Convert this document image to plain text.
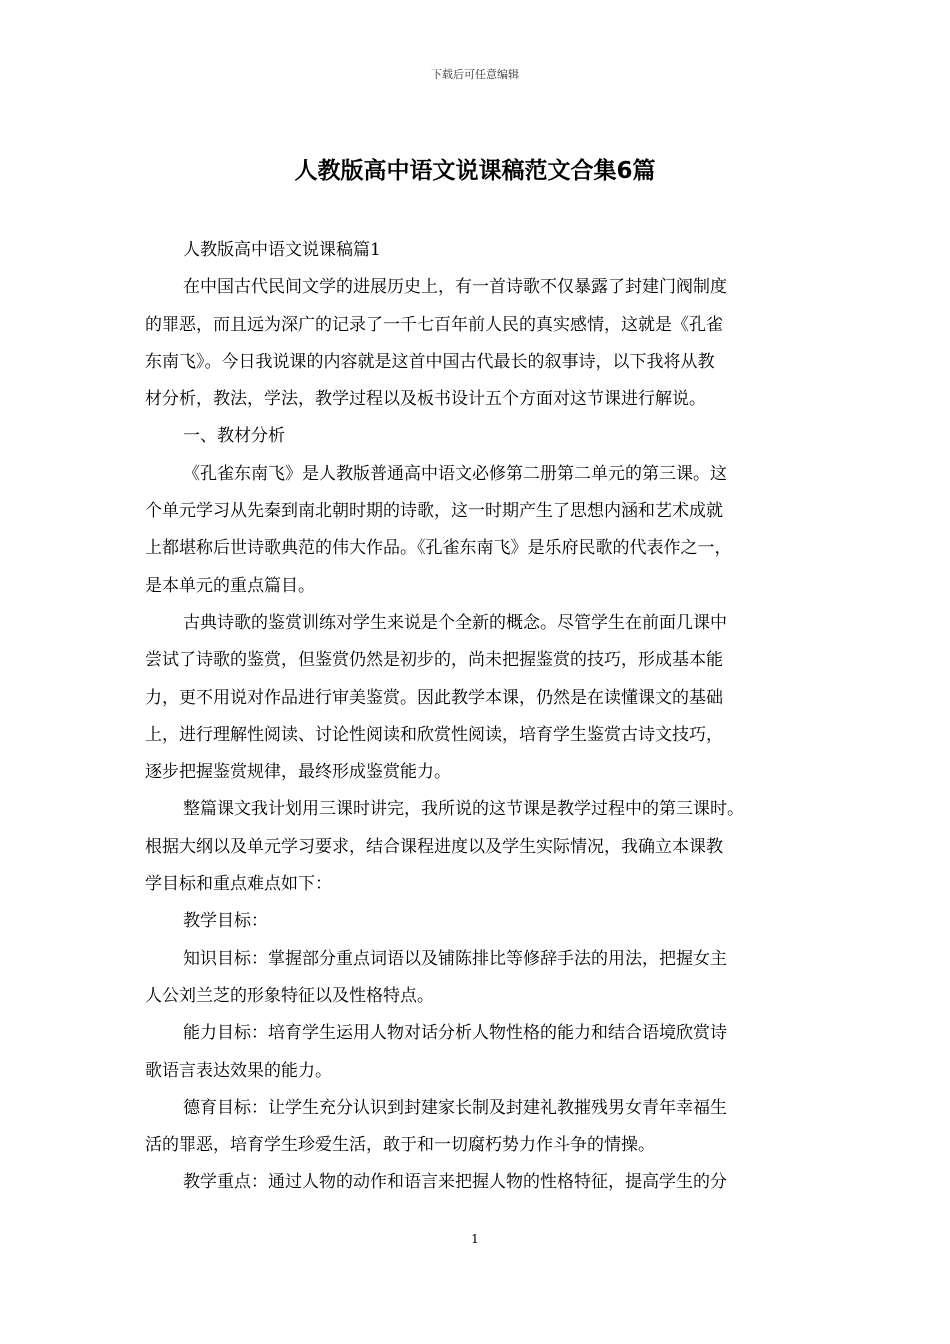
下载后可任意编辑
人教版高中语文说课稿范文合集6篇
人教版高中语文说课稿篇1
在中国古代民间文学的进展历史上，有一首诗歌不仅暴露了封建门阀制度
的罪恶，而且远为深广的记录了一千七百年前人民的真实感情，这就是《孔雀
东南飞》。今日我说课的内容就是这首中国古代最长的叙事诗，以下我将从教
材分析，教法，学法，教学过程以及板书设计五个方面对这节课进行解说。
一、教材分析
《孔雀东南飞》是人教版普通高中语文必修第二册第二单元的第三课。这
个单元学习从先秦到南北朝时期的诗歌，这一时期产生了思想内涵和艺术成就
上都堪称后世诗歌典范的伟大作品。《孔雀东南飞》是乐府民歌的代表作之一，
是本单元的重点篇目。
古典诗歌的鉴赏训练对学生来说是个全新的概念。尽管学生在前面几课中
尝试了诗歌的鉴赏，但鉴赏仍然是初步的，尚未把握鉴赏的技巧，形成基本能
力，更不用说对作品进行审美鉴赏。因此教学本课，仍然是在读懂课文的基础
上，进行理解性阅读、讨论性阅读和欣赏性阅读，培育学生鉴赏古诗文技巧，
逐步把握鉴赏规律，最终形成鉴赏能力。
整篇课文我计划用三课时讲完，我所说的这节课是教学过程中的第三课时。
根据大纲以及单元学习要求，结合课程进度以及学生实际情况，我确立本课教
学目标和重点难点如下：
教学目标：
知识目标：掌握部分重点词语以及铺陈排比等修辞手法的用法，把握女主
人公刘兰芝的形象特征以及性格特点。
能力目标：培育学生运用人物对话分析人物性格的能力和结合语境欣赏诗
歌语言表达效果的能力。
德育目标：让学生充分认识到封建家长制及封建礼教摧残男女青年幸福生
活的罪恶，培育学生珍爱生活，敢于和一切腐朽势力作斗争的情操。
教学重点：通过人物的动作和语言来把握人物的性格特征，提高学生的分
1
